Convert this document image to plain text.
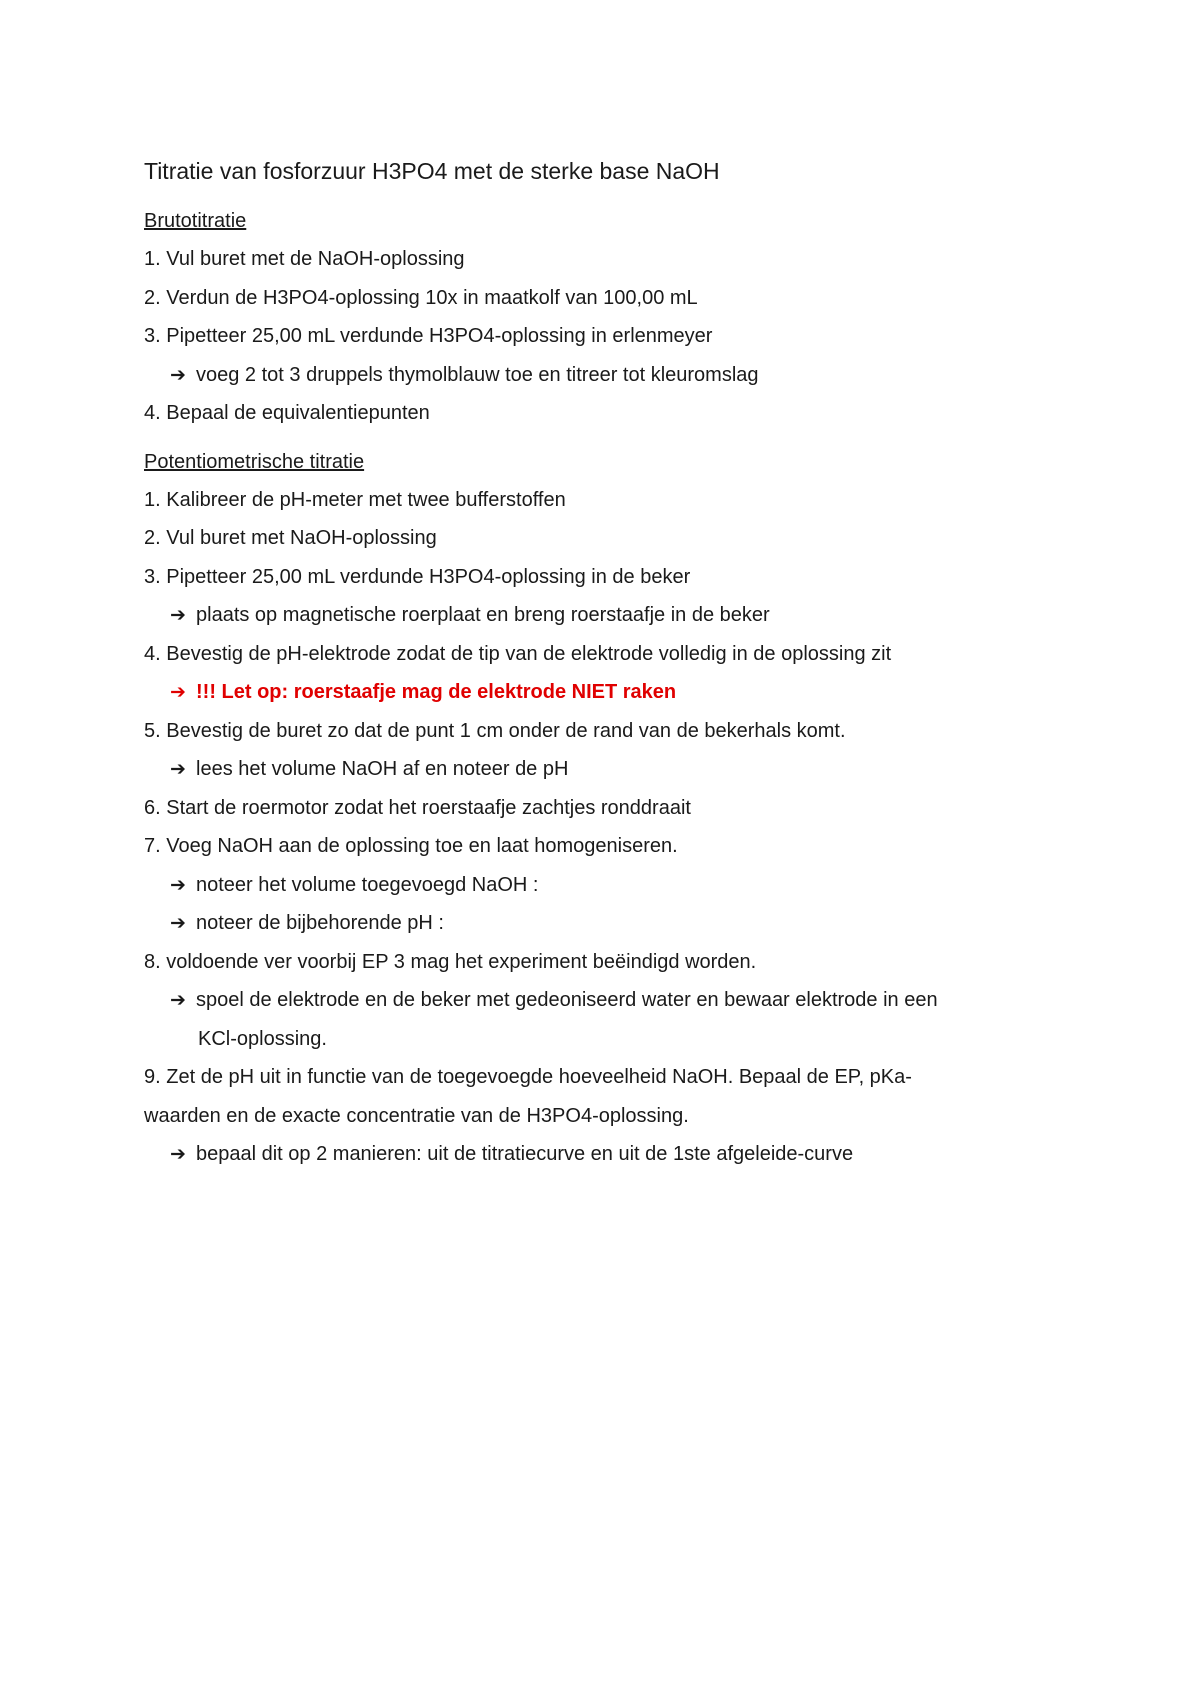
Titratie van fosforzuur H3PO4 met de sterke base NaOH
Brutotitratie
1. Vul buret met de NaOH-oplossing
2. Verdun de H3PO4-oplossing 10x in maatkolf van 100,00 mL
3. Pipetteer 25,00 mL verdunde H3PO4-oplossing in erlenmeyer
➔ voeg 2 tot 3 druppels thymolblauw toe en titreer tot kleuromslag
4. Bepaal de equivalentiepunten
Potentiometrische titratie
1. Kalibreer de pH-meter met twee bufferstoffen
2. Vul buret met NaOH-oplossing
3. Pipetteer 25,00 mL verdunde H3PO4-oplossing in de beker
➔ plaats op magnetische roerplaat en breng roerstaafje in de beker
4. Bevestig de pH-elektrode zodat de tip van de elektrode volledig in de oplossing zit
➔ !!! Let op: roerstaafje mag de elektrode NIET raken
5. Bevestig de buret zo dat de punt 1 cm onder de rand van de bekerhals komt.
➔ lees het volume NaOH af en noteer de pH
6. Start de roermotor zodat het roerstaafje zachtjes ronddraait
7. Voeg NaOH aan de oplossing toe en laat homogeniseren.
➔ noteer het volume toegevoegd NaOH :
➔ noteer de bijbehorende pH :
8. voldoende ver voorbij EP 3 mag het experiment beëindigd worden.
➔ spoel de elektrode en de beker met gedeoniseerd water en bewaar elektrode in een
KCl-oplossing.
9. Zet de pH uit in functie van de toegevoegde hoeveelheid NaOH. Bepaal de EP, pKa-
waarden en de exacte concentratie van de H3PO4-oplossing.
➔ bepaal dit op 2 manieren: uit de titratiecurve en uit de 1ste afgeleide-curve
